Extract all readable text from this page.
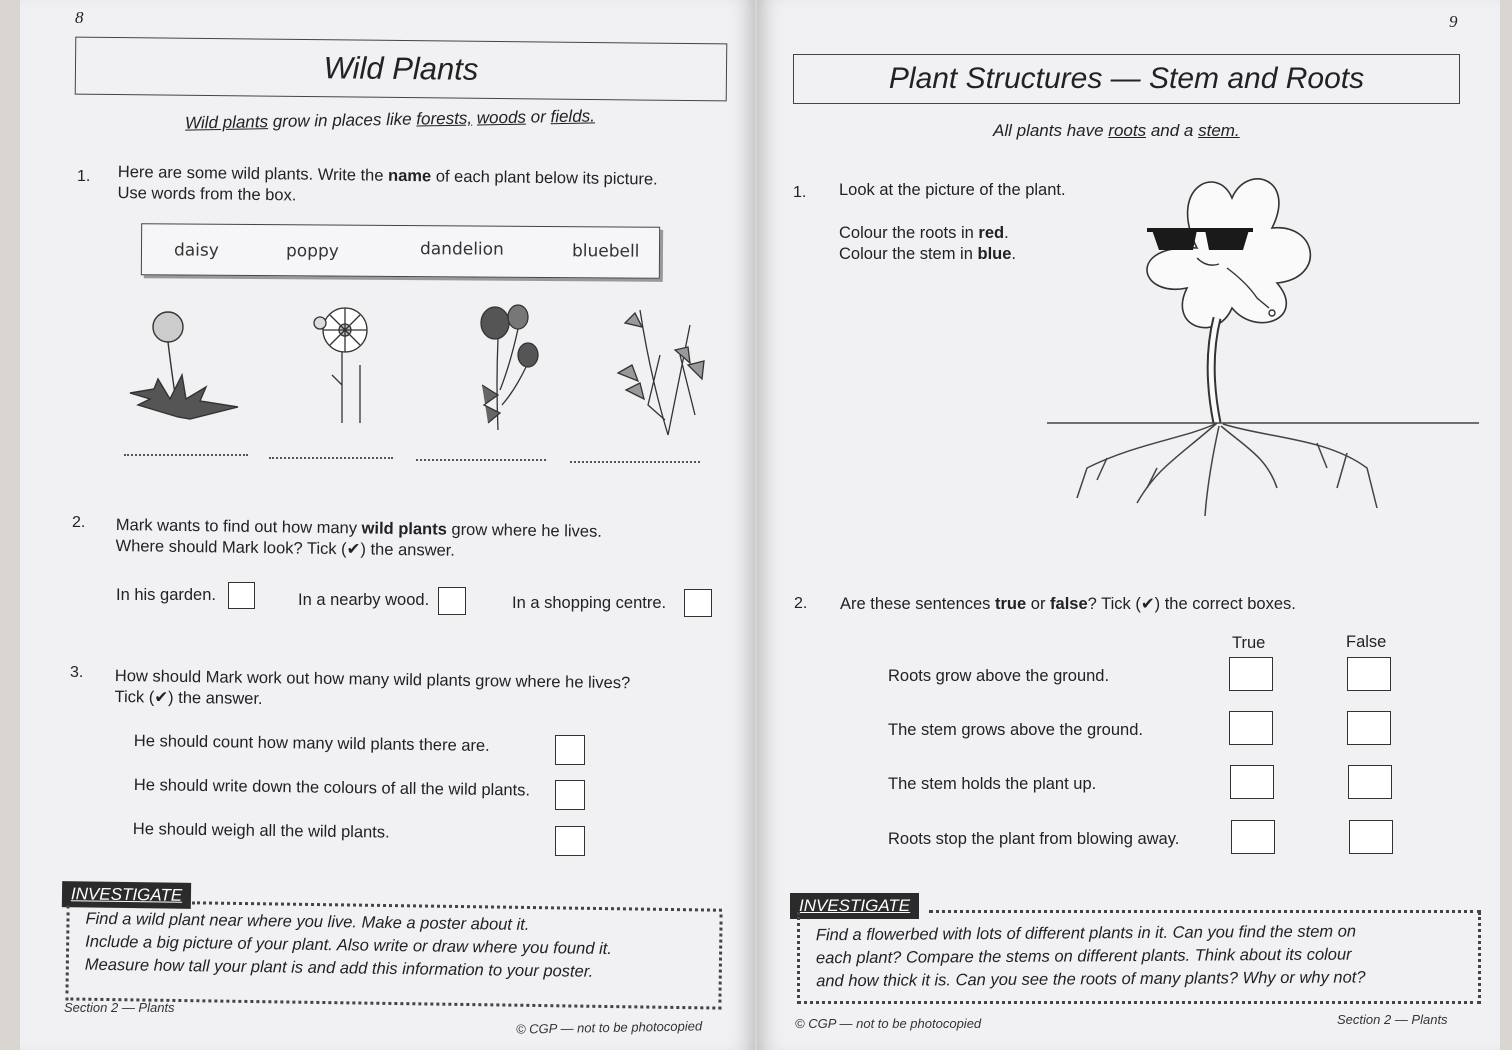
8
Wild Plants
Wild plants grow in places like forests, woods or fields.
1. Here are some wild plants. Write the name of each plant below its picture.
Use words from the box.
daisy	poppy	dandelion	bluebell
2. Mark wants to find out how many wild plants grow where he lives.
Where should Mark look? Tick (✔) the answer.
In his garden.	In a nearby wood.	In a shopping centre.
3. How should Mark work out how many wild plants grow where he lives?
Tick (✔) the answer.
He should count how many wild plants there are.
He should write down the colours of all the wild plants.
He should weigh all the wild plants.
INVESTIGATE
Find a wild plant near where you live. Make a poster about it.
Include a big picture of your plant. Also write or draw where you found it.
Measure how tall your plant is and add this information to your poster.
Section 2 — Plants
© CGP — not to be photocopied
9
Plant Structures — Stem and Roots
All plants have roots and a stem.
1. Look at the picture of the plant.
Colour the roots in red.
Colour the stem in blue.
2. Are these sentences true or false? Tick (✔) the correct boxes.
True	False
Roots grow above the ground.
The stem grows above the ground.
The stem holds the plant up.
Roots stop the plant from blowing away.
INVESTIGATE
Find a flowerbed with lots of different plants in it. Can you find the stem on
each plant? Compare the stems on different plants. Think about its colour
and how thick it is. Can you see the roots of many plants? Why or why not?
© CGP — not to be photocopied	Section 2 — Plants
